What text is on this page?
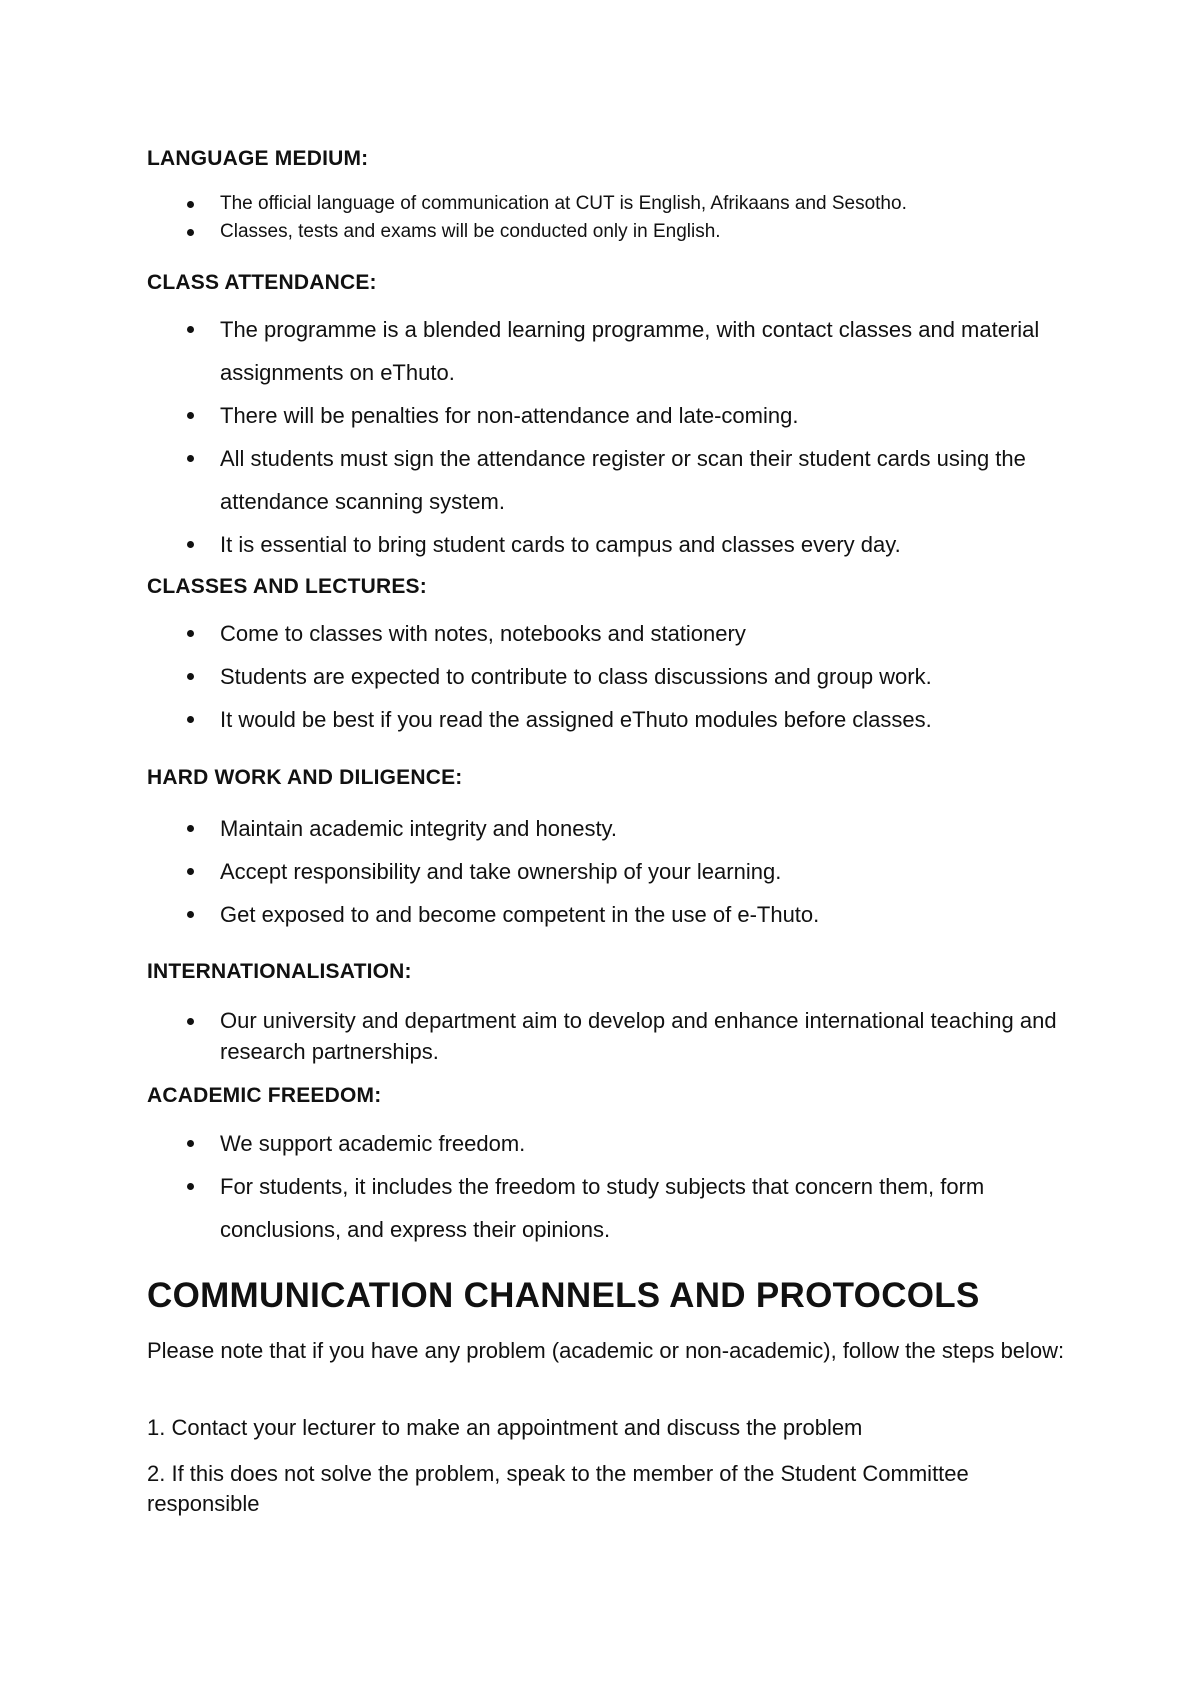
LANGUAGE MEDIUM:
The official language of communication at CUT is English, Afrikaans and Sesotho.
Classes, tests and exams will be conducted only in English.
CLASS ATTENDANCE:
The programme is a blended learning programme, with contact classes and material assignments on eThuto.
There will be penalties for non-attendance and late-coming.
All students must sign the attendance register or scan their student cards using the attendance scanning system.
It is essential to bring student cards to campus and classes every day.
CLASSES AND LECTURES:
Come to classes with notes, notebooks and stationery
Students are expected to contribute to class discussions and group work.
It would be best if you read the assigned eThuto modules before classes.
HARD WORK AND DILIGENCE:
Maintain academic integrity and honesty.
Accept responsibility and take ownership of your learning.
Get exposed to and become competent in the use of e-Thuto.
INTERNATIONALISATION:
Our university and department aim to develop and enhance international teaching and research partnerships.
ACADEMIC FREEDOM:
We support academic freedom.
For students, it includes the freedom to study subjects that concern them, form conclusions, and express their opinions.
COMMUNICATION CHANNELS AND PROTOCOLS

Please note that if you have any problem (academic or non-academic), follow the steps below:

1. Contact your lecturer to make an appointment and discuss the problem

2. If this does not solve the problem, speak to the member of the Student Committee responsible
